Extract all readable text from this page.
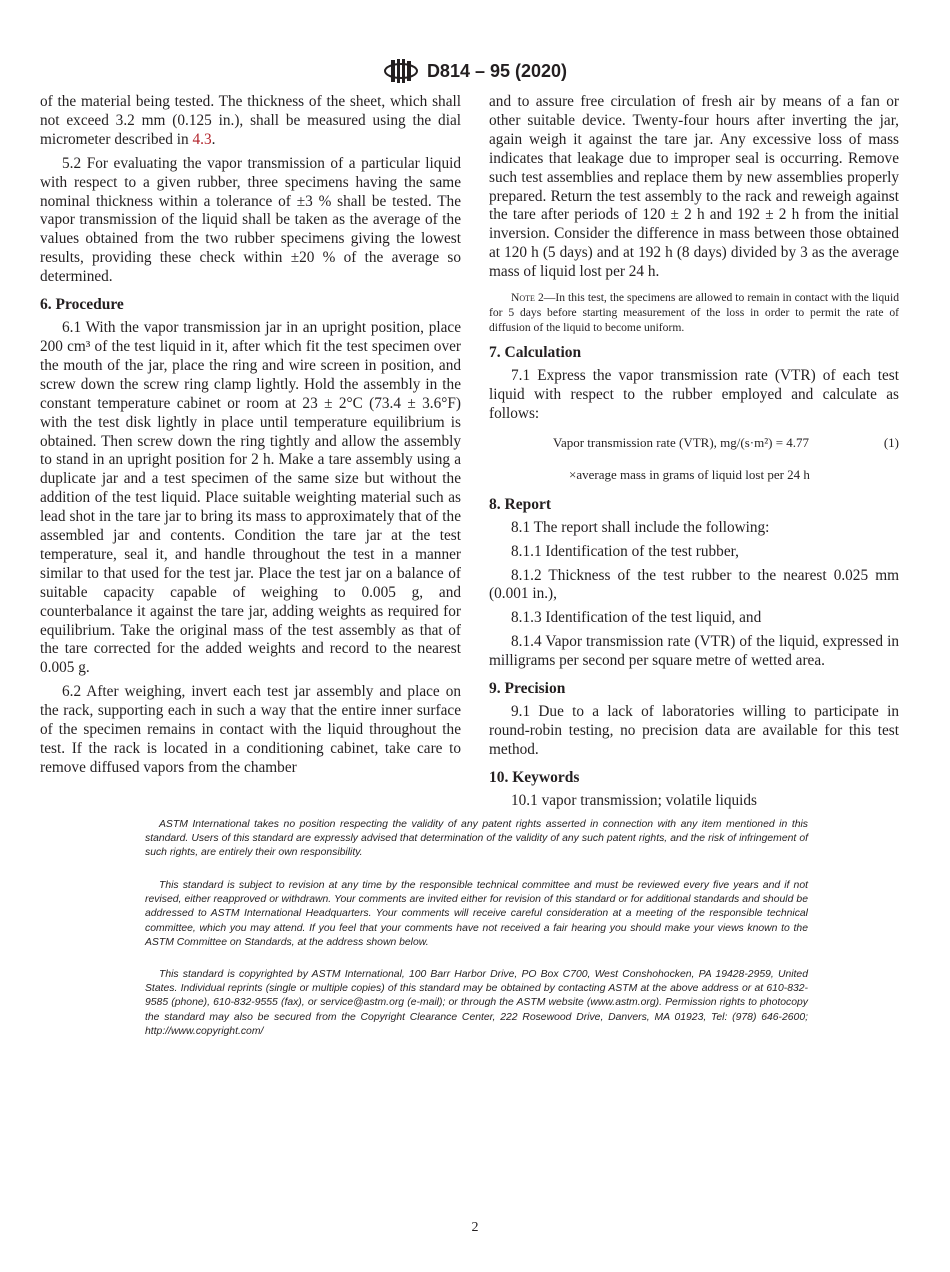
D814 – 95 (2020)

of the material being tested. The thickness of the sheet, which shall not exceed 3.2 mm (0.125 in.), shall be measured using the dial micrometer described in 4.3.

5.2 For evaluating the vapor transmission of a particular liquid with respect to a given rubber, three specimens having the same nominal thickness within a tolerance of ±3 % shall be tested. The vapor transmission of the liquid shall be taken as the average of the values obtained from the two rubber specimens giving the lowest results, providing these check within ±20 % of the average so determined.

6. Procedure

6.1 With the vapor transmission jar in an upright position, place 200 cm³ of the test liquid in it, after which fit the test specimen over the mouth of the jar, place the ring and wire screen in position, and screw down the screw ring clamp lightly. Hold the assembly in the constant temperature cabinet or room at 23 ± 2°C (73.4 ± 3.6°F) with the test disk lightly in place until temperature equilibrium is obtained. Then screw down the ring tightly and allow the assembly to stand in an upright position for 2 h. Make a tare assembly using a duplicate jar and a test specimen of the same size but without the addition of the test liquid. Place suitable weighting material such as lead shot in the tare jar to bring its mass to approximately that of the assembled jar and contents. Condition the tare jar at the test temperature, seal it, and handle throughout the test in a manner similar to that used for the test jar. Place the test jar on a balance of suitable capacity capable of weighing to 0.005 g, and counterbalance it against the tare jar, adding weights as required for equilibrium. Take the original mass of the test assembly as that of the tare corrected for the added weights and record to the nearest 0.005 g.

6.2 After weighing, invert each test jar assembly and place on the rack, supporting each in such a way that the entire inner surface of the specimen remains in contact with the liquid throughout the test. If the rack is located in a conditioning cabinet, take care to remove diffused vapors from the chamber

and to assure free circulation of fresh air by means of a fan or other suitable device. Twenty-four hours after inverting the jar, again weigh it against the tare jar. Any excessive loss of mass indicates that leakage due to improper seal is occurring. Remove such test assemblies and replace them by new assemblies properly prepared. Return the test assembly to the rack and reweigh against the tare after periods of 120 ± 2 h and 192 ± 2 h from the initial inversion. Consider the difference in mass between those obtained at 120 h (5 days) and at 192 h (8 days) divided by 3 as the average mass of liquid lost per 24 h.

Note 2—In this test, the specimens are allowed to remain in contact with the liquid for 5 days before starting measurement of the loss in order to permit the rate of diffusion of the liquid to become uniform.

7. Calculation

7.1 Express the vapor transmission rate (VTR) of each test liquid with respect to the rubber employed and calculate as follows:

Vapor transmission rate (VTR), mg/(s·m²) = 4.77	(1)
×average mass in grams of liquid lost per 24 h
8. Report

8.1 The report shall include the following:

8.1.1 Identification of the test rubber,

8.1.2 Thickness of the test rubber to the nearest 0.025 mm (0.001 in.),

8.1.3 Identification of the test liquid, and

8.1.4 Vapor transmission rate (VTR) of the liquid, expressed in milligrams per second per square metre of wetted area.

9. Precision

9.1 Due to a lack of laboratories willing to participate in round-robin testing, no precision data are available for this test method.

10. Keywords

10.1 vapor transmission; volatile liquids

ASTM International takes no position respecting the validity of any patent rights asserted in connection with any item mentioned in this standard. Users of this standard are expressly advised that determination of the validity of any such patent rights, and the risk of infringement of such rights, are entirely their own responsibility.

This standard is subject to revision at any time by the responsible technical committee and must be reviewed every five years and if not revised, either reapproved or withdrawn. Your comments are invited either for revision of this standard or for additional standards and should be addressed to ASTM International Headquarters. Your comments will receive careful consideration at a meeting of the responsible technical committee, which you may attend. If you feel that your comments have not received a fair hearing you should make your views known to the ASTM Committee on Standards, at the address shown below.

This standard is copyrighted by ASTM International, 100 Barr Harbor Drive, PO Box C700, West Conshohocken, PA 19428-2959, United States. Individual reprints (single or multiple copies) of this standard may be obtained by contacting ASTM at the above address or at 610-832-9585 (phone), 610-832-9555 (fax), or service@astm.org (e-mail); or through the ASTM website (www.astm.org). Permission rights to photocopy the standard may also be secured from the Copyright Clearance Center, 222 Rosewood Drive, Danvers, MA 01923, Tel: (978) 646-2600; http://www.copyright.com/

2
